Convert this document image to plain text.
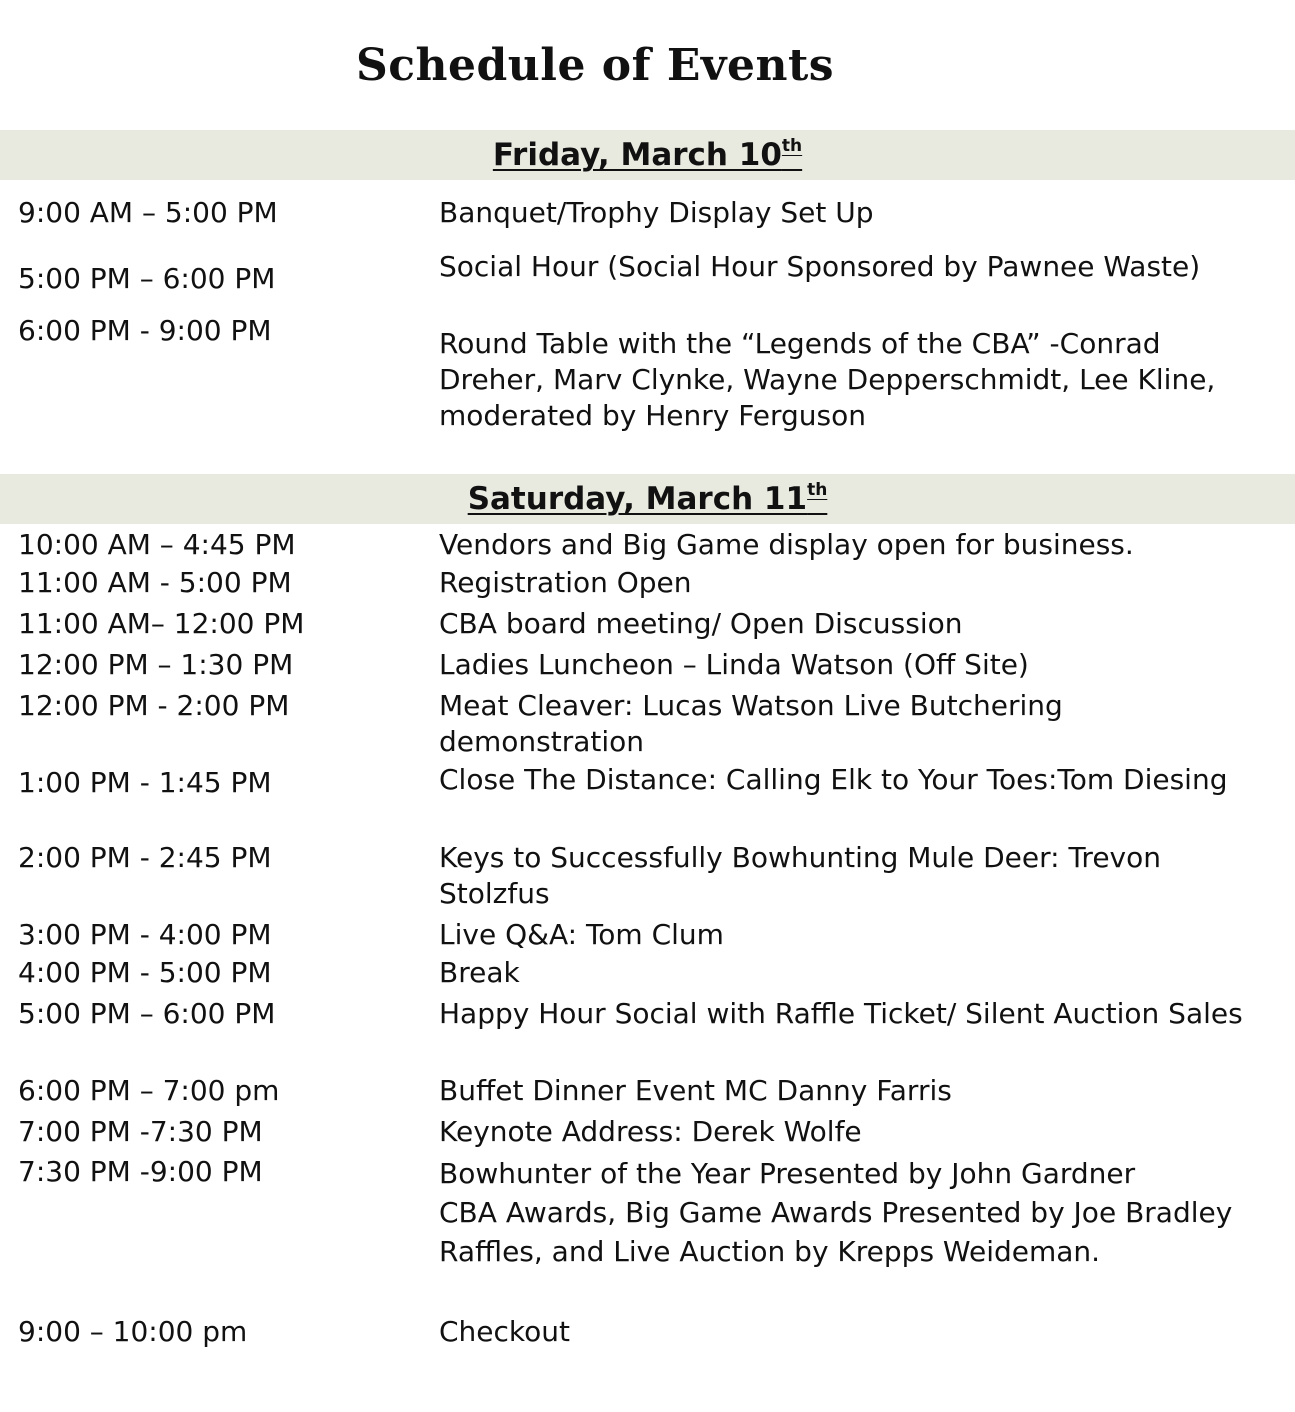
Schedule of Events
Friday, March 10th
9:00 AM – 5:00 PM	Banquet/Trophy Display Set Up
5:00 PM – 6:00 PM	Social Hour (Social Hour Sponsored by Pawnee Waste)
6:00 PM - 9:00 PM	Round Table with the “Legends of the CBA” -Conrad Dreher, Marv Clynke, Wayne Depperschmidt, Lee Kline, moderated by Henry Ferguson
Saturday, March 11th
10:00 AM – 4:45 PM	Vendors and Big Game display open for business.
11:00 AM - 5:00 PM	Registration Open
11:00 AM– 12:00 PM	CBA board meeting/ Open Discussion
12:00 PM – 1:30 PM	Ladies Luncheon – Linda Watson (Off Site)
12:00 PM - 2:00 PM	Meat Cleaver: Lucas Watson Live Butchering demonstration
1:00 PM - 1:45 PM	Close The Distance: Calling Elk to Your Toes:Tom Diesing
2:00 PM - 2:45 PM	Keys to Successfully Bowhunting Mule Deer: Trevon Stolzfus
3:00 PM - 4:00 PM	Live Q&A: Tom Clum
4:00 PM - 5:00 PM	Break
5:00 PM – 6:00 PM	Happy Hour Social with Raffle Ticket/ Silent Auction Sales
6:00 PM – 7:00 pm	Buffet Dinner Event MC Danny Farris
7:00 PM -7:30 PM	Keynote Address: Derek Wolfe
7:30 PM -9:00 PM	Bowhunter of the Year Presented by John Gardner
CBA Awards, Big Game Awards Presented by Joe Bradley
Raffles, and Live Auction by Krepps Weideman.
9:00 – 10:00 pm	Checkout
